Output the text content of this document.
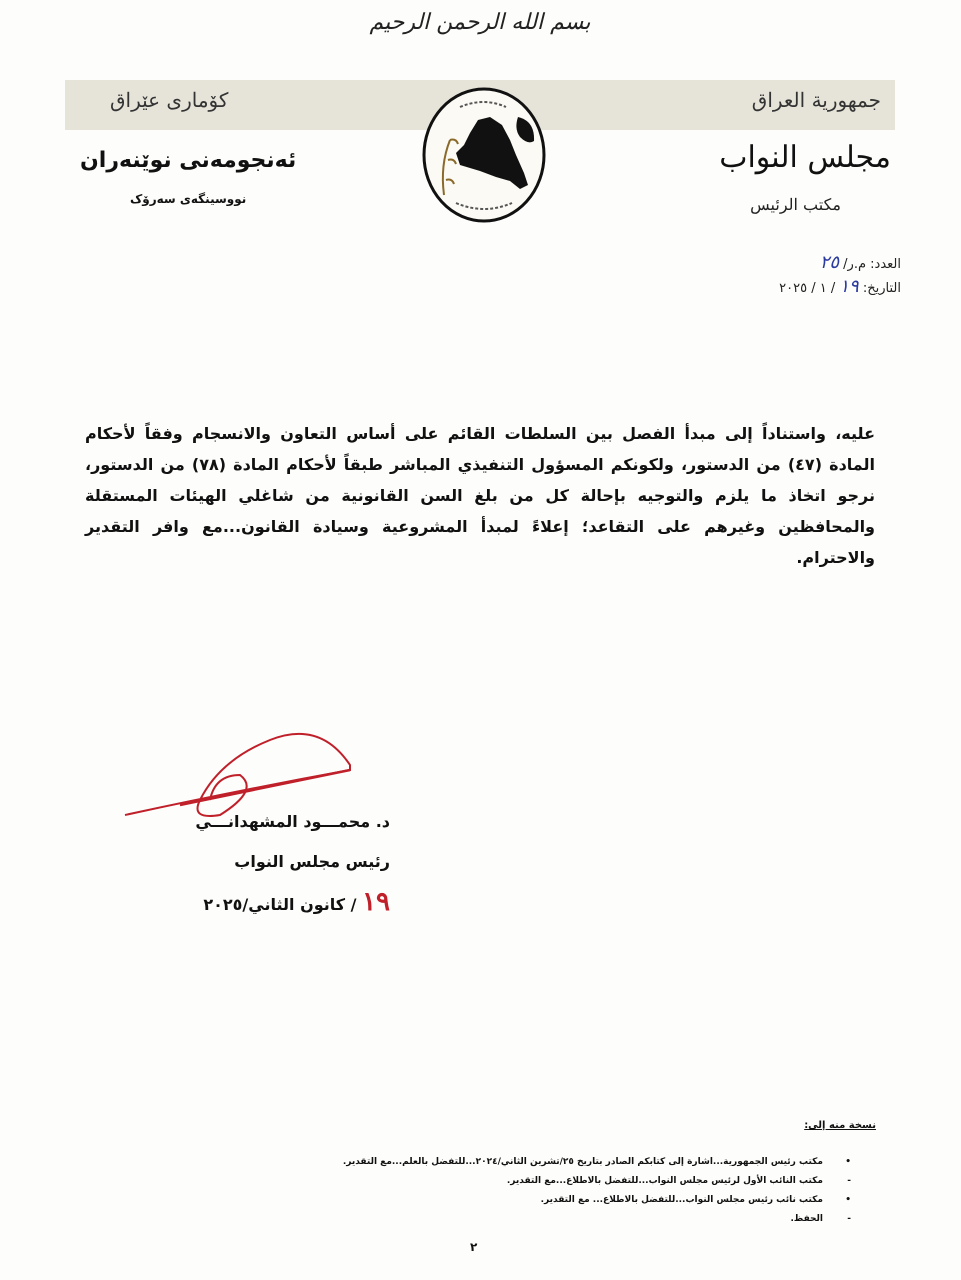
بسم الله الرحمن الرحيم
جمهورية العراق
كۆماری عێراق
مجلس النواب
مكتب الرئيس
ئەنجومەنی نوێنەران
نووسینگەی سەرۆک
العدد: م.ر/ ٢٥
التاريخ: ١٩ / ١ / ٢٠٢٥
عليه، واستناداً إلى مبدأ الفصل بين السلطات القائم على أساس التعاون والانسجام وفقاً لأحكام المادة (٤٧) من الدستور، ولكونكم المسؤول التنفيذي المباشر طبقاً لأحكام المادة (٧٨) من الدستور، نرجو اتخاذ ما يلزم والتوجيه بإحالة كل من بلغ السن القانونية من شاغلي الهيئات المستقلة والمحافظين وغيرهم على التقاعد؛ إعلاءً لمبدأ المشروعية وسيادة القانون...مع وافر التقدير والاحترام.
د. محمـــود المشهدانـــي
رئيس مجلس النواب
١٩ / كانون الثاني/٢٠٢٥
نسخة منه إلى:
•
مكتب رئيس الجمهورية...اشارة إلى كتابكم الصادر بتاريخ ٢٥/تشرين الثاني/٢٠٢٤...للتفضل بالعلم...مع التقدير.
-
مكتب النائب الأول لرئيس مجلس النواب...للتفضل بالاطلاع...مع التقدير.
•
مكتب نائب رئيس مجلس النواب...للتفضل بالاطلاع... مع التقدير.
-
الحفظ.
٢
